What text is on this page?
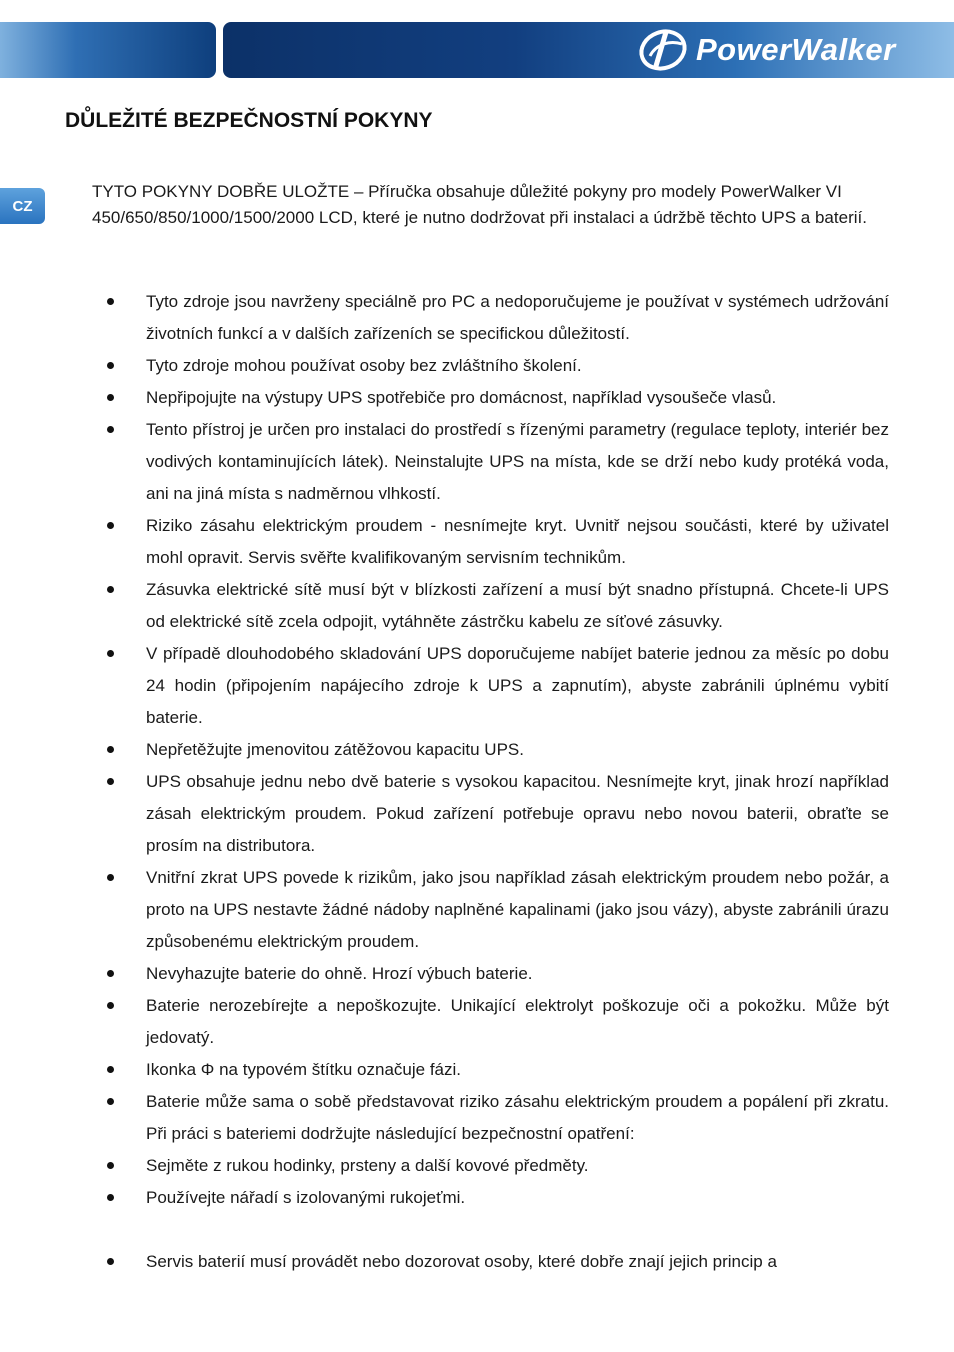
PowerWalker
DŮLEŽITÉ BEZPEČNOSTNÍ POKYNY
CZ

TYTO POKYNY DOBŘE ULOŽTE – Příručka obsahuje důležité pokyny pro modely PowerWalker VI 450/650/850/1000/1500/2000 LCD, které je nutno dodržovat při instalaci a údržbě těchto UPS a baterií.

Tyto zdroje jsou navrženy speciálně pro PC a nedoporučujeme je používat v systémech udržování životních funkcí a v dalších zařízeních se specifickou důležitostí.
Tyto zdroje mohou používat osoby bez zvláštního školení.
Nepřipojujte na výstupy UPS spotřebiče pro domácnost, například vysoušeče vlasů.
Tento přístroj je určen pro instalaci do prostředí s řízenými parametry (regulace teploty, interiér bez vodivých kontaminujících látek). Neinstalujte UPS na místa, kde se drží nebo kudy protéká voda, ani na jiná místa s nadměrnou vlhkostí.
Riziko zásahu elektrickým proudem - nesnímejte kryt. Uvnitř nejsou součásti, které by uživatel mohl opravit. Servis svěřte kvalifikovaným servisním technikům.
Zásuvka elektrické sítě musí být v blízkosti zařízení a musí být snadno přístupná. Chcete-li UPS od elektrické sítě zcela odpojit, vytáhněte zástrčku kabelu ze síťové zásuvky.
V případě dlouhodobého skladování UPS doporučujeme nabíjet baterie jednou za měsíc po dobu 24 hodin (připojením napájecího zdroje k UPS a zapnutím), abyste zabránili úplnému vybití baterie.
Nepřetěžujte jmenovitou zátěžovou kapacitu UPS.
UPS obsahuje jednu nebo dvě baterie s vysokou kapacitou. Nesnímejte kryt, jinak hrozí například zásah elektrickým proudem. Pokud zařízení potřebuje opravu nebo novou baterii, obraťte se prosím na distributora.
Vnitřní zkrat UPS povede k rizikům, jako jsou například zásah elektrickým proudem nebo požár, a proto na UPS nestavte žádné nádoby naplněné kapalinami (jako jsou vázy), abyste zabránili úrazu způsobenému elektrickým proudem.
Nevyhazujte baterie do ohně. Hrozí výbuch baterie.
Baterie nerozebírejte a nepoškozujte. Unikající elektrolyt poškozuje oči a pokožku. Může být jedovatý.
Ikonka Φ na typovém štítku označuje fázi.
Baterie může sama o sobě představovat riziko zásahu elektrickým proudem a popálení při zkratu. Při práci s bateriemi dodržujte následující bezpečnostní opatření:
Sejměte z rukou hodinky, prsteny a další kovové předměty.
Používejte nářadí s izolovanými rukojeťmi.
Servis baterií musí provádět nebo dozorovat osoby, které dobře znají jejich princip a
